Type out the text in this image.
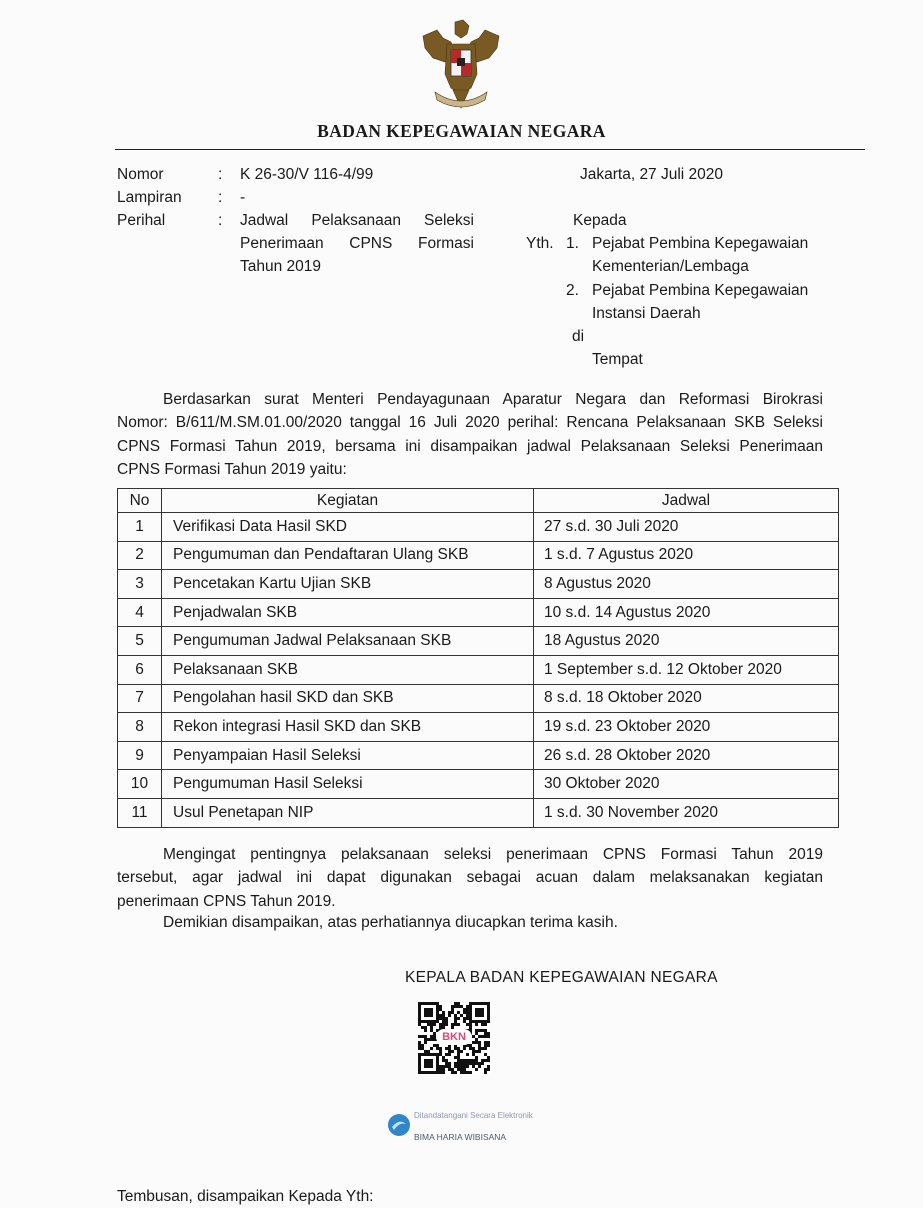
BADAN KEPEGAWAIAN NEGARA
Nomor	: K 26-30/V 116-4/99
Lampiran : -
Perihal	: Jadwal Pelaksanaan Seleksi
Penerimaan CPNS Formasi
Tahun 2019
Jakarta, 27 Juli 2020
Kepada
Yth. 1. Pejabat Pembina Kepegawaian
Kementerian/Lembaga
2. Pejabat Pembina Kepegawaian
Instansi Daerah
di
Tempat
Berdasarkan surat Menteri Pendayagunaan Aparatur Negara dan Reformasi Birokrasi
Nomor: B/611/M.SM.01.00/2020 tanggal 16 Juli 2020 perihal: Rencana Pelaksanaan SKB Seleksi
CPNS Formasi Tahun 2019, bersama ini disampaikan jadwal Pelaksanaan Seleksi Penerimaan
CPNS Formasi Tahun 2019 yaitu:
No	Kegiatan	Jadwal
1	Verifikasi Data Hasil SKD	27 s.d. 30 Juli 2020
2	Pengumuman dan Pendaftaran Ulang SKB	1 s.d. 7 Agustus 2020
3	Pencetakan Kartu Ujian SKB	8 Agustus 2020
4	Penjadwalan SKB	10 s.d. 14 Agustus 2020
5	Pengumuman Jadwal Pelaksanaan SKB	18 Agustus 2020
6	Pelaksanaan SKB	1 September s.d. 12 Oktober 2020
7	Pengolahan hasil SKD dan SKB	8 s.d. 18 Oktober 2020
8	Rekon integrasi Hasil SKD dan SKB	19 s.d. 23 Oktober 2020
9	Penyampaian Hasil Seleksi	26 s.d. 28 Oktober 2020
10	Pengumuman Hasil Seleksi	30 Oktober 2020
11	Usul Penetapan NIP	1 s.d. 30 November 2020
Mengingat pentingnya pelaksanaan seleksi penerimaan CPNS Formasi Tahun 2019
tersebut, agar jadwal ini dapat digunakan sebagai acuan dalam melaksanakan kegiatan
penerimaan CPNS Tahun 2019.
Demikian disampaikan, atas perhatiannya diucapkan terima kasih.
KEPALA BADAN KEPEGAWAIAN NEGARA
BKN
Ditandatangani Secara Elektronik
BIMA HARIA WIBISANA
Tembusan, disampaikan Kepada Yth:
